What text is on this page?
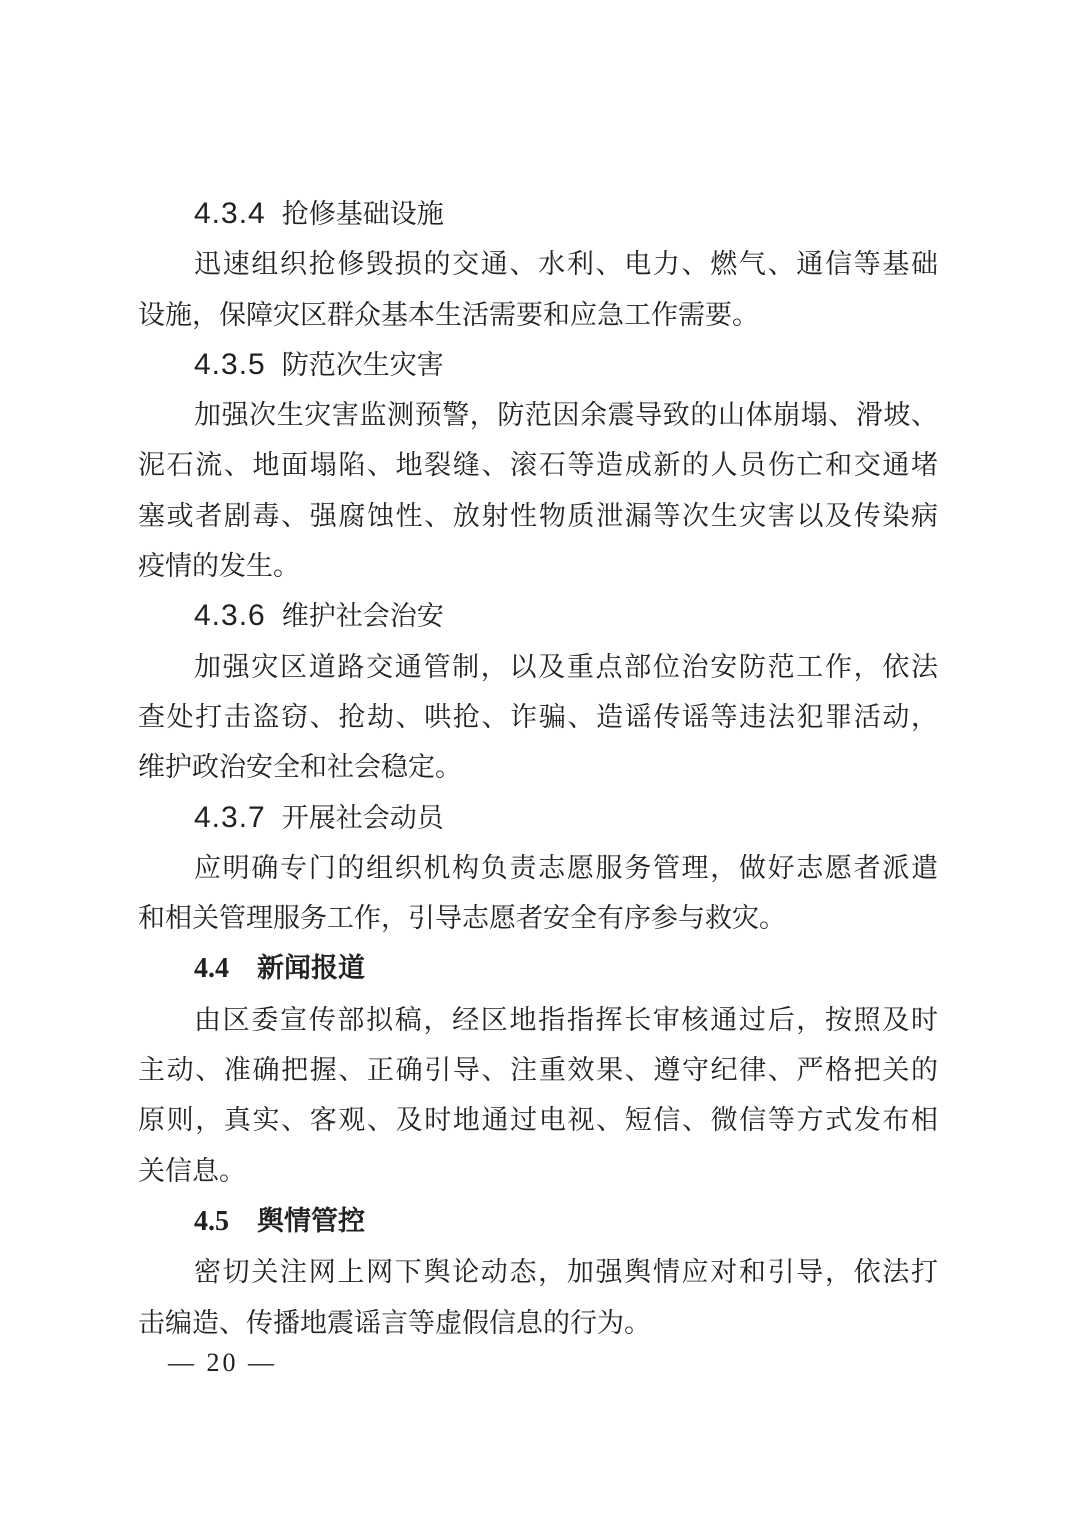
4.3.4 抢修基础设施
迅速组织抢修毁损的交通、水利、电力、燃气、通信等基础
设施，保障灾区群众基本生活需要和应急工作需要。
4.3.5 防范次生灾害
加强次生灾害监测预警，防范因余震导致的山体崩塌、滑坡、
泥石流、地面塌陷、地裂缝、滚石等造成新的人员伤亡和交通堵
塞或者剧毒、强腐蚀性、放射性物质泄漏等次生灾害以及传染病
疫情的发生。
4.3.6 维护社会治安
加强灾区道路交通管制，以及重点部位治安防范工作，依法
查处打击盗窃、抢劫、哄抢、诈骗、造谣传谣等违法犯罪活动，
维护政治安全和社会稳定。
4.3.7 开展社会动员
应明确专门的组织机构负责志愿服务管理，做好志愿者派遣
和相关管理服务工作，引导志愿者安全有序参与救灾。
4.4 新闻报道
由区委宣传部拟稿，经区地指指挥长审核通过后，按照及时
主动、准确把握、正确引导、注重效果、遵守纪律、严格把关的
原则，真实、客观、及时地通过电视、短信、微信等方式发布相
关信息。
4.5 舆情管控
密切关注网上网下舆论动态，加强舆情应对和引导，依法打
击编造、传播地震谣言等虚假信息的行为。
— 20 —
